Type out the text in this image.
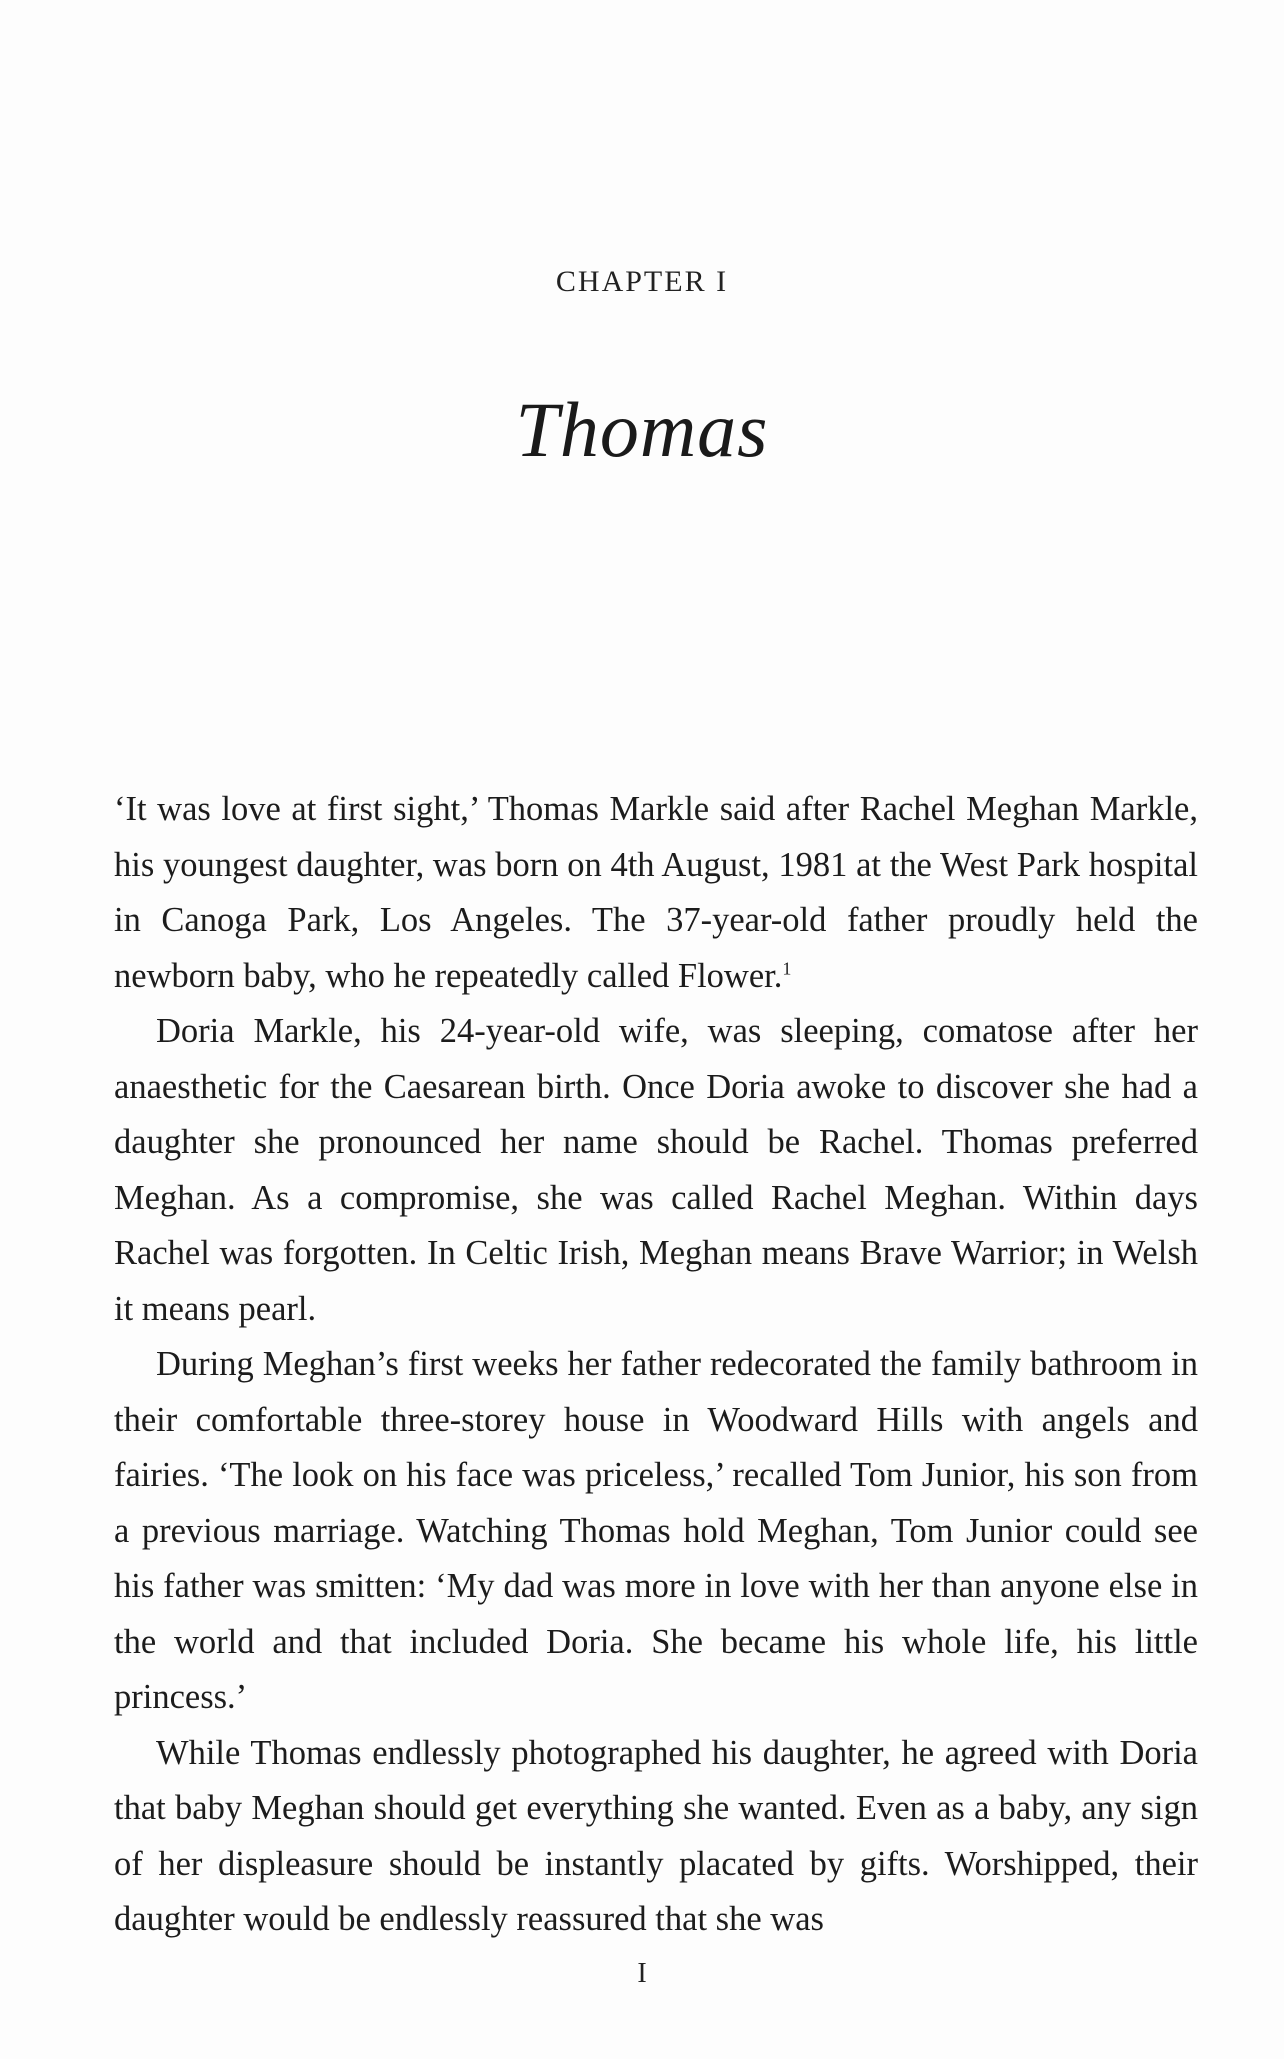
CHAPTER I
Thomas

‘It was love at first sight,’ Thomas Markle said after Rachel Meghan Markle, his youngest daughter, was born on 4th August, 1981 at the West Park hospital in Canoga Park, Los Angeles. The 37-year-old father proudly held the newborn baby, who he repeatedly called Flower.$^1$

Doria Markle, his 24-year-old wife, was sleeping, comatose after her anaesthetic for the Caesarean birth. Once Doria awoke to discover she had a daughter she pronounced her name should be Rachel. Thomas preferred Meghan. As a compromise, she was called Rachel Meghan. Within days Rachel was forgotten. In Celtic Irish, Meghan means Brave Warrior; in Welsh it means pearl.

During Meghan’s first weeks her father redecorated the family bathroom in their comfortable three-storey house in Woodward Hills with angels and fairies. ‘The look on his face was priceless,’ recalled Tom Junior, his son from a previous marriage. Watching Thomas hold Meghan, Tom Junior could see his father was smitten: ‘My dad was more in love with her than anyone else in the world and that included Doria. She became his whole life, his little princess.’

While Thomas endlessly photographed his daughter, he agreed with Doria that baby Meghan should get everything she wanted. Even as a baby, any sign of her displeasure should be instantly placated by gifts. Worshipped, their daughter would be endlessly reassured that she was

I
